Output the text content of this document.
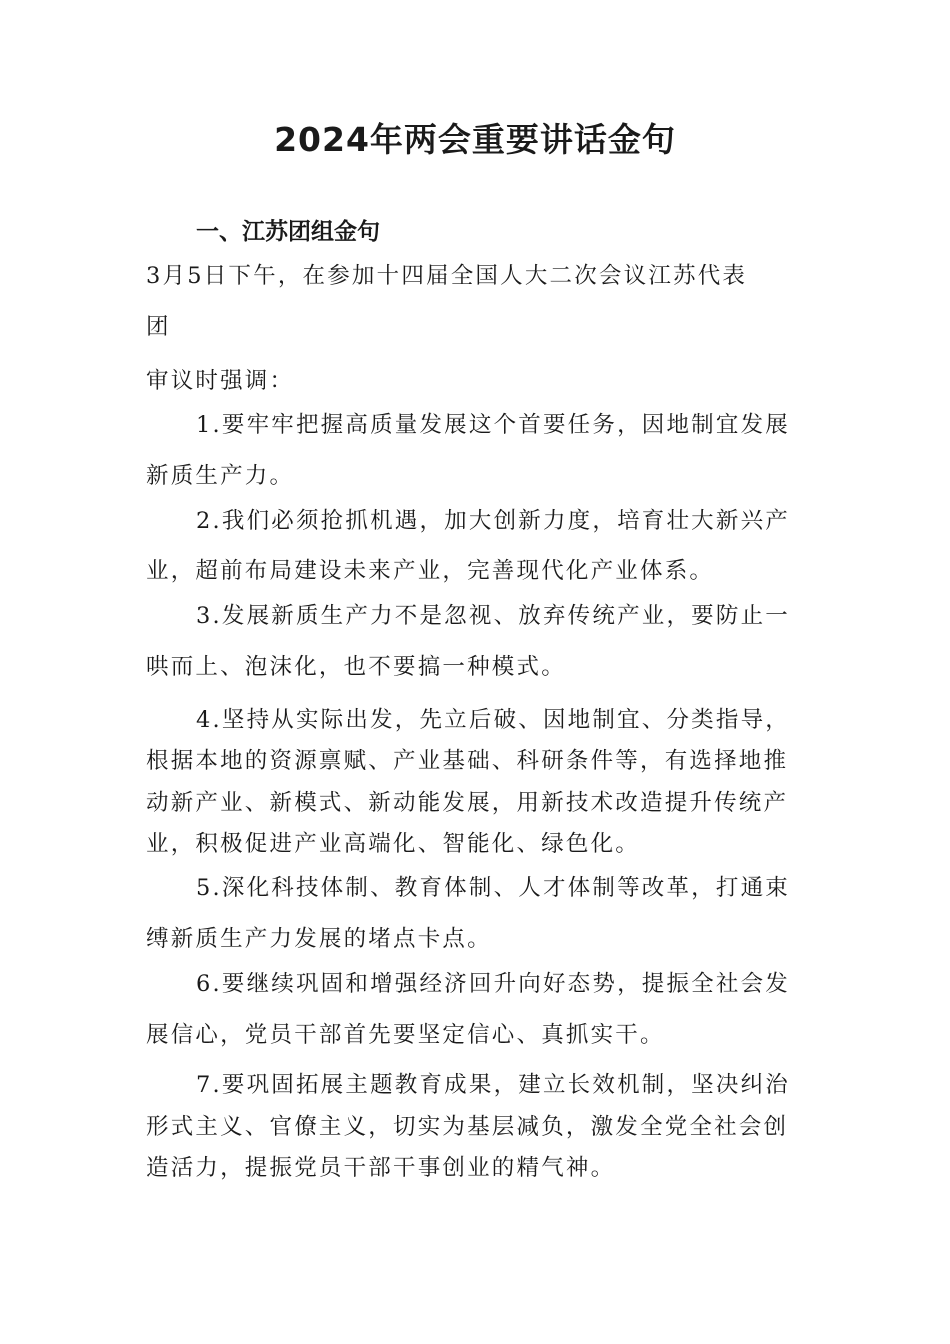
2024年两会重要讲话金句
一、江苏团组金句
3月5日下午，在参加十四届全国人大二次会议江苏代表
团
审议时强调：
1.要牢牢把握高质量发展这个首要任务，因地制宜发展
新质生产力。
2.我们必须抢抓机遇，加大创新力度，培育壮大新兴产
业，超前布局建设未来产业，完善现代化产业体系。
3.发展新质生产力不是忽视、放弃传统产业，要防止一
哄而上、泡沫化，也不要搞一种模式。
4.坚持从实际出发，先立后破、因地制宜、分类指导，
根据本地的资源禀赋、产业基础、科研条件等，有选择地推
动新产业、新模式、新动能发展，用新技术改造提升传统产
业，积极促进产业高端化、智能化、绿色化。
5.深化科技体制、教育体制、人才体制等改革，打通束
缚新质生产力发展的堵点卡点。
6.要继续巩固和增强经济回升向好态势，提振全社会发
展信心，党员干部首先要坚定信心、真抓实干。
7.要巩固拓展主题教育成果，建立长效机制，坚决纠治
形式主义、官僚主义，切实为基层减负，激发全党全社会创
造活力，提振党员干部干事创业的精气神。
